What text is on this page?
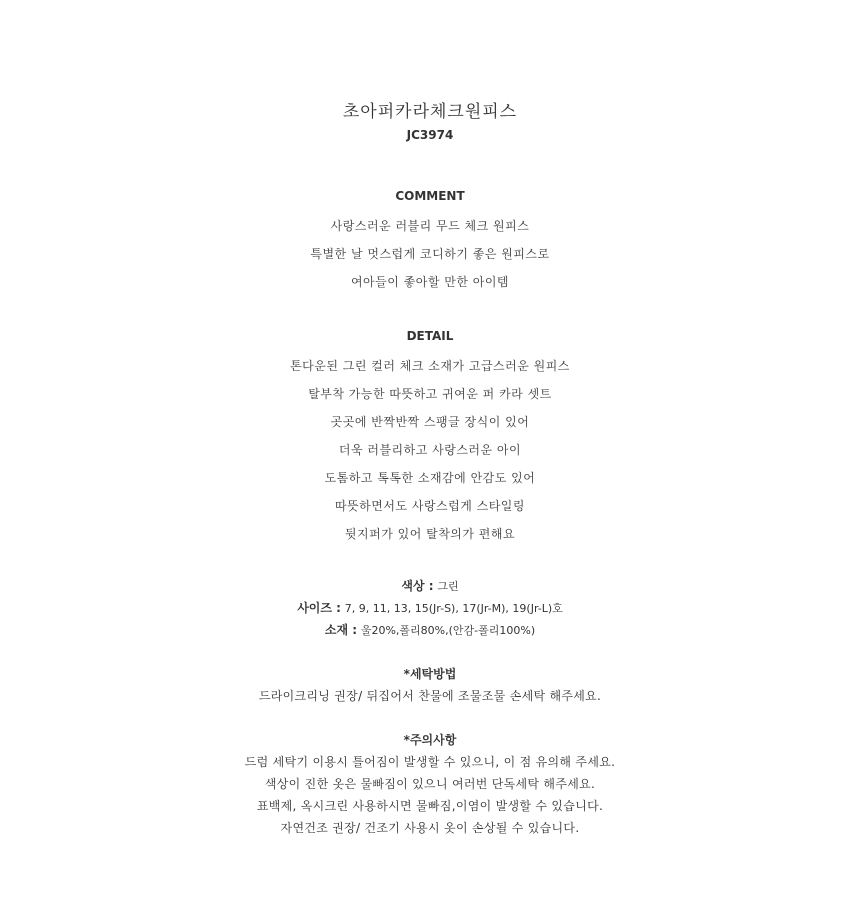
초아퍼카라체크원피스
JC3974
COMMENT
사랑스러운 러블리 무드 체크 원피스
특별한 날 멋스럽게 코디하기 좋은 원피스로
여아들이 좋아할 만한 아이템
DETAIL
톤다운된 그린 컬러 체크 소재가 고급스러운 원피스
탈부착 가능한 따뜻하고 귀여운 퍼 카라 셋트
곳곳에 반짝반짝 스팽글 장식이 있어
더욱 러블리하고 사랑스러운 아이
도톰하고 톡톡한 소재감에 안감도 있어
따뜻하면서도 사랑스럽게 스타일링
뒷지퍼가 있어 탈착의가 편해요
색상 : 그린
사이즈 : 7, 9, 11, 13, 15(Jr-S), 17(Jr-M), 19(Jr-L)호
소재 : 울20%,폴리80%,(안감-폴리100%)
*세탁방법
드라이크리닝 권장/ 뒤집어서 찬물에 조물조물 손세탁 해주세요.
*주의사항
드럼 세탁기 이용시 틀어짐이 발생할 수 있으니, 이 점 유의해 주세요.
색상이 진한 옷은 물빠짐이 있으니 여러번 단독세탁 해주세요.
표백제, 옥시크린 사용하시면 물빠짐,이염이 발생할 수 있습니다.
자연건조 권장/ 건조기 사용시 옷이 손상될 수 있습니다.
